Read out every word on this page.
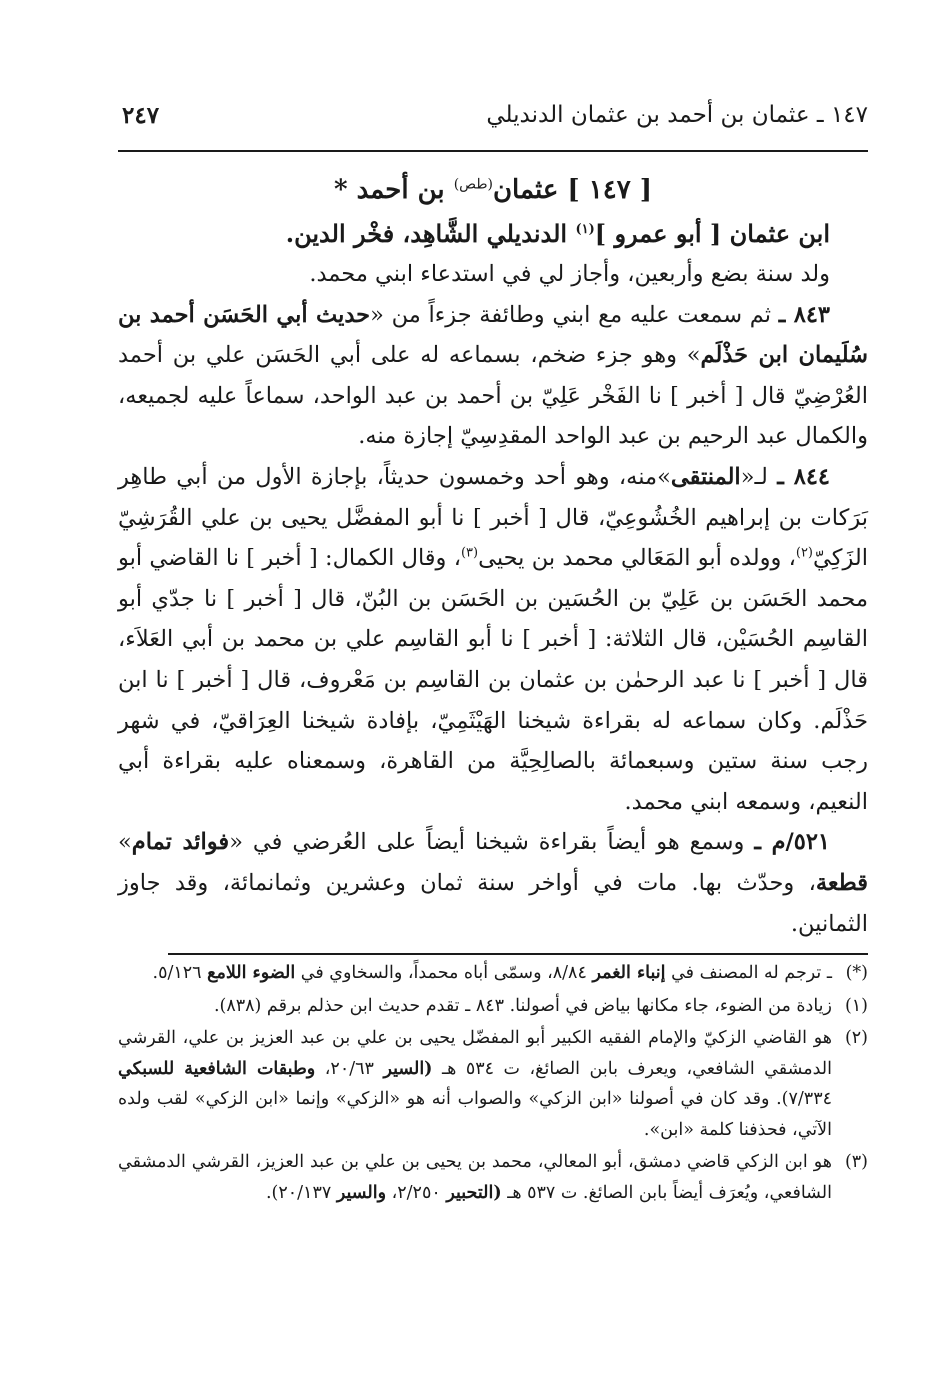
١٤٧ ـ عثمان بن أحمد بن عثمان الدنديلي
٢٤٧
[ ١٤٧ ] عثمان$^{(طص)}$ بن أحمد *

ابن عثمان [ أبو عمرو ]$^{(١)}$ الدنديلي الشَّاهِد، فخْر الدين.

ولد سنة بضع وأربعين، وأجاز لي في استدعاء ابني محمد.

٨٤٣ ـ ثم سمعت عليه مع ابني وطائفة جزءاً من «حديث أبي الحَسَن أحمد بن سُلَيمان ابن حَذْلَم» وهو جزء ضخم، بسماعه له على أبي الحَسَن علي بن أحمد العُرْضِيّ قال [ أخبر ] نا الفَخْر عَلِيّ بن أحمد بن عبد الواحد، سماعاً عليه لجميعه، والكمال عبد الرحيم بن عبد الواحد المقدِسِيّ إجازة منه.

٨٤٤ ـ لـ«المنتقى»منه، وهو أحد وخمسون حديثاً، بإجازة الأول من أبي طاهِر بَرَكات بن إبراهيم الخُشُوعِيّ، قال [ أخبر ] نا أبو المفضَّل يحيى بن علي القُرَشِيّ الزَكِيّ$^{(٢)}$، وولده أبو المَعَالي محمد بن يحيى$^{(٣)}$، وقال الكمال: [ أخبر ] نا القاضي أبو محمد الحَسَن بن عَلِيّ بن الحُسَين بن الحَسَن بن البُنّ، قال [ أخبر ] نا جدّي أبو القاسِم الحُسَيْن، قال الثلاثة: [ أخبر ] نا أبو القاسِم علي بن محمد بن أبي العَلاَء، قال [ أخبر ] نا عبد الرحمٰن بن عثمان بن القاسِم بن مَعْروف، قال [ أخبر ] نا ابن حَذْلَم. وكان سماعه له بقراءة شيخنا الهَيْثَمِيّ، بإفادة شيخنا العِرَاقيّ، في شهر رجب سنة ستين وسبعمائة بالصالِحِيَّة من القاهرة، وسمعناه عليه بقراءة أبي النعيم، وسمعه ابني محمد.

٥٢١/م ـ وسمع هو أيضاً بقراءة شيخنا أيضاً على العُرضي في «فوائد تمام» قطعة، وحدّث بها. مات في أواخر سنة ثمان وعشرين وثمانمائة، وقد جاوز الثمانين.

(*)
ـ ترجم له المصنف في إنباء الغمر ٨/٨٤، وسمّى أباه محمداً، والسخاوي في الضوء اللامع ٥/١٢٦.

(١)
زيادة من الضوء، جاء مكانها بياض في أصولنا. ٨٤٣ ـ تقدم حديث ابن حذلم برقم (٨٣٨).

(٢)
هو القاضي الزكيّ والإمام الفقيه الكبير أبو المفضّل يحيى بن علي بن عبد العزيز بن علي، القرشي الدمشقي الشافعي، ويعرف بابن الصائغ، ت ٥٣٤ هـ (السير ٢٠/٦٣، وطبقات الشافعية للسبكي ٧/٣٣٤). وقد كان في أصولنا «ابن الزكي» والصواب أنه هو «الزكي» وإنما «ابن الزكي» لقب ولده الآتي، فحذفنا كلمة «ابن».

(٣)
هو ابن الزكي قاضي دمشق، أبو المعالي، محمد بن يحيى بن علي بن عبد العزيز، القرشي الدمشقي الشافعي، ويُعرَف أيضاً بابن الصائغ. ت ٥٣٧ هـ (التحبير ٢/٢٥٠، والسير ٢٠/١٣٧).
